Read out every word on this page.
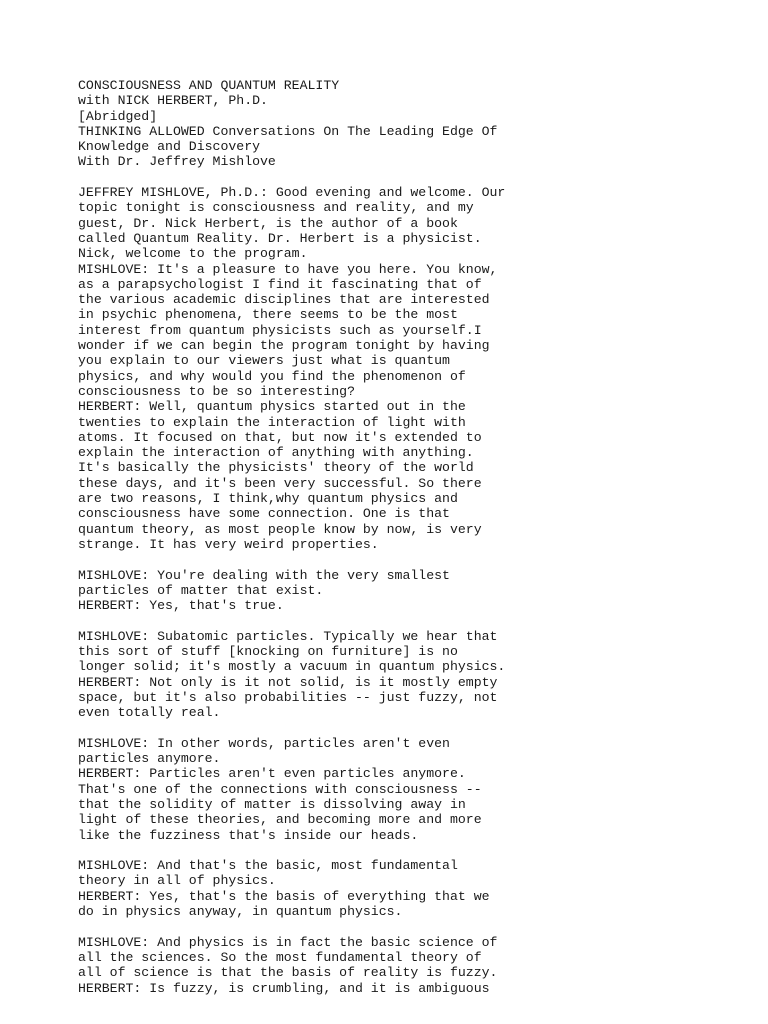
CONSCIOUSNESS AND QUANTUM REALITY
with NICK HERBERT, Ph.D.
[Abridged]
THINKING ALLOWED Conversations On The Leading Edge Of
Knowledge and Discovery
With Dr. Jeffrey Mishlove
JEFFREY MISHLOVE, Ph.D.: Good evening and welcome. Our
topic tonight is consciousness and reality, and my
guest, Dr. Nick Herbert, is the author of a book
called Quantum Reality. Dr. Herbert is a physicist.
Nick, welcome to the program.
MISHLOVE: It's a pleasure to have you here. You know,
as a parapsychologist I find it fascinating that of
the various academic disciplines that are interested
in psychic phenomena, there seems to be the most
interest from quantum physicists such as yourself.I
wonder if we can begin the program tonight by having
you explain to our viewers just what is quantum
physics, and why would you find the phenomenon of
consciousness to be so interesting?
HERBERT: Well, quantum physics started out in the
twenties to explain the interaction of light with
atoms. It focused on that, but now it's extended to
explain the interaction of anything with anything.
It's basically the physicists' theory of the world
these days, and it's been very successful. So there
are two reasons, I think,why quantum physics and
consciousness have some connection. One is that
quantum theory, as most people know by now, is very
strange. It has very weird properties.
MISHLOVE: You're dealing with the very smallest
particles of matter that exist.
HERBERT: Yes, that's true.
MISHLOVE: Subatomic particles. Typically we hear that
this sort of stuff [knocking on furniture] is no
longer solid; it's mostly a vacuum in quantum physics.
HERBERT: Not only is it not solid, is it mostly empty
space, but it's also probabilities -- just fuzzy, not
even totally real.
MISHLOVE: In other words, particles aren't even
particles anymore.
HERBERT: Particles aren't even particles anymore.
That's one of the connections with consciousness --
that the solidity of matter is dissolving away in
light of these theories, and becoming more and more
like the fuzziness that's inside our heads.
MISHLOVE: And that's the basic, most fundamental
theory in all of physics.
HERBERT: Yes, that's the basis of everything that we
do in physics anyway, in quantum physics.
MISHLOVE: And physics is in fact the basic science of
all the sciences. So the most fundamental theory of
all of science is that the basis of reality is fuzzy.
HERBERT: Is fuzzy, is crumbling, and it is ambiguous
